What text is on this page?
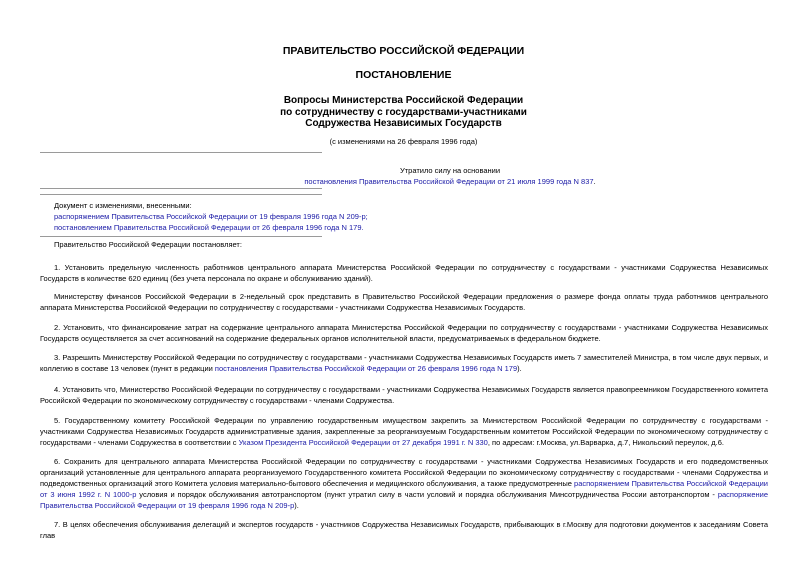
ПРАВИТЕЛЬСТВО РОССИЙСКОЙ ФЕДЕРАЦИИ
ПОСТАНОВЛЕНИЕ
Вопросы Министерства Российской Федерации
по сотрудничеству с государствами-участниками
Содружества Независимых Государств
(с изменениями на 26 февраля 1996 года)
Утратило силу на основании
постановления Правительства Российской Федерации от 21 июля 1999 года N 837.
Документ с изменениями, внесенными:
распоряжением Правительства Российской Федерации от 19 февраля 1996 года N 209-р;
постановлением Правительства Российской Федерации от 26 февраля 1996 года N 179.
Правительство Российской Федерации постановляет:
1. Установить предельную численность работников центрального аппарата Министерства Российской Федерации по сотрудничеству с государствами - участниками Содружества Независимых Государств в количестве 620 единиц (без учета персонала по охране и обслуживанию зданий).
Министерству финансов Российской Федерации в 2-недельный срок представить в Правительство Российской Федерации предложения о размере фонда оплаты труда работников центрального аппарата Министерства Российской Федерации по сотрудничеству с государствами - участниками Содружества Независимых Государств.
2. Установить, что финансирование затрат на содержание центрального аппарата Министерства Российской Федерации по сотрудничеству с государствами - участниками Содружества Независимых Государств осуществляется за счет ассигнований на содержание федеральных органов исполнительной власти, предусматриваемых в федеральном бюджете.
3. Разрешить Министерству Российской Федерации по сотрудничеству с государствами - участниками Содружества Независимых Государств иметь 7 заместителей Министра, в том числе двух первых, и коллегию в составе 13 человек (пункт в редакции постановления Правительства Российской Федерации от 26 февраля 1996 года N 179).
4. Установить что, Министерство Российской Федерации по сотрудничеству с государствами - участниками Содружества Независимых Государств является правопреемником Государственного комитета Российской Федерации по экономическому сотрудничеству с государствами - членами Содружества.
5. Государственному комитету Российской Федерации по управлению государственным имуществом закрепить за Министерством Российской Федерации по сотрудничеству с государствами - участниками Содружества Независимых Государств административные здания, закрепленные за реорганизуемым Государственным комитетом Российской Федерации по экономическому сотрудничеству с государствами - членами Содружества в соответствии с Указом Президента Российской Федерации от 27 декабря 1991 г. N 330, по адресам: г.Москва, ул.Варварка, д.7, Никольский переулок, д.6.
6. Сохранить для центрального аппарата Министерства Российской Федерации по сотрудничеству с государствами - участниками Содружества Независимых Государств и его подведомственных организаций установленные для центрального аппарата реорганизуемого Государственного комитета Российской Федерации по экономическому сотрудничеству с государствами - членами Содружества и подведомственных организаций этого Комитета условия материально-бытового обеспечения и медицинского обслуживания, а также предусмотренные распоряжением Правительства Российской Федерации от 3 июня 1992 г. N 1000-р условия и порядок обслуживания автотранспортом (пункт утратил силу в части условий и порядка обслуживания Минсотрудничества России автотранспортом - распоряжение Правительства Российской Федерации от 19 февраля 1996 года N 209-р).
7. В целях обеспечения обслуживания делегаций и экспертов государств - участников Содружества Независимых Государств, прибывающих в г.Москву для подготовки документов к заседаниям Совета глав
